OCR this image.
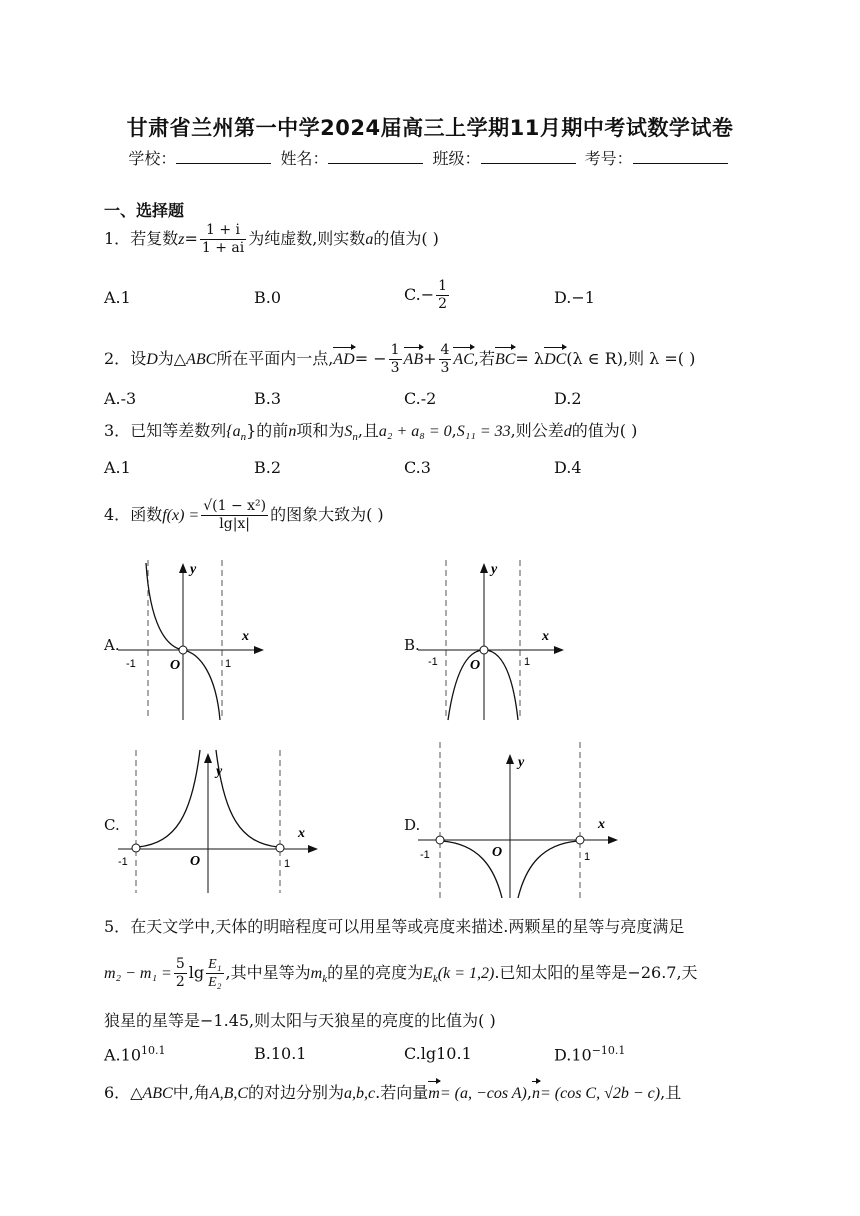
甘肃省兰州第一中学2024届高三上学期11月期中考试数学试卷
学校：	姓名：	班级：	考号：
一、选择题
1．若复数$z= \frac{1 + i}{1 + ai}$ 为纯虚数,则实数a的值为( )
A.1	B.0	$C.- \frac{1}{2}$	D.−1
2．设D为△ABC所在平面内一点$,AD= - \frac{1}{3} AB+ \frac{4}{3}$ AC,若BC= λDC(λ ∈ R),则 λ =( )
A.-3	B.3	C.-2	D.2
3．已知等差数列$\{a_n\}$的前n项和为$S_n$,且a₂ + a₈ = 0,S₁₁ = 33,则公差d的值为( )
A.1	B.2	C.3	D.4
4．函数$f(x) = \frac{\text{√(1 − x²)}}{\lg|x|}$ 的图象大致为( )
A.	x
y
-1	1
O
B.	x
y
-1	1
O
C.	x
y
-1	1
O
D.	x
y
-1	1
O
5．在天文学中,天体的明暗程度可以用星等或亮度来描述.两颗星的星等与亮度满足
$m_2 - m_1 = \frac{5}{2}$ $\lg \frac{\text{E₁}}{\text{E₂}}$ ,其中星等为$m_k$的星的亮度为$E_k(k = 1,2)$.已知太阳的星等是−26.7,天
狼星的星等是−1.45,则太阳与天狼星的亮度的比值为( )
$A.10^{10.1}$	B.10.1	C.lg10.1	$D.10^{-10.1}$
6．△ABC中,角A,B,C的对边分别为a,b,c.若向量m= (a, −cos A),n= (cos C, √2b − c),且
